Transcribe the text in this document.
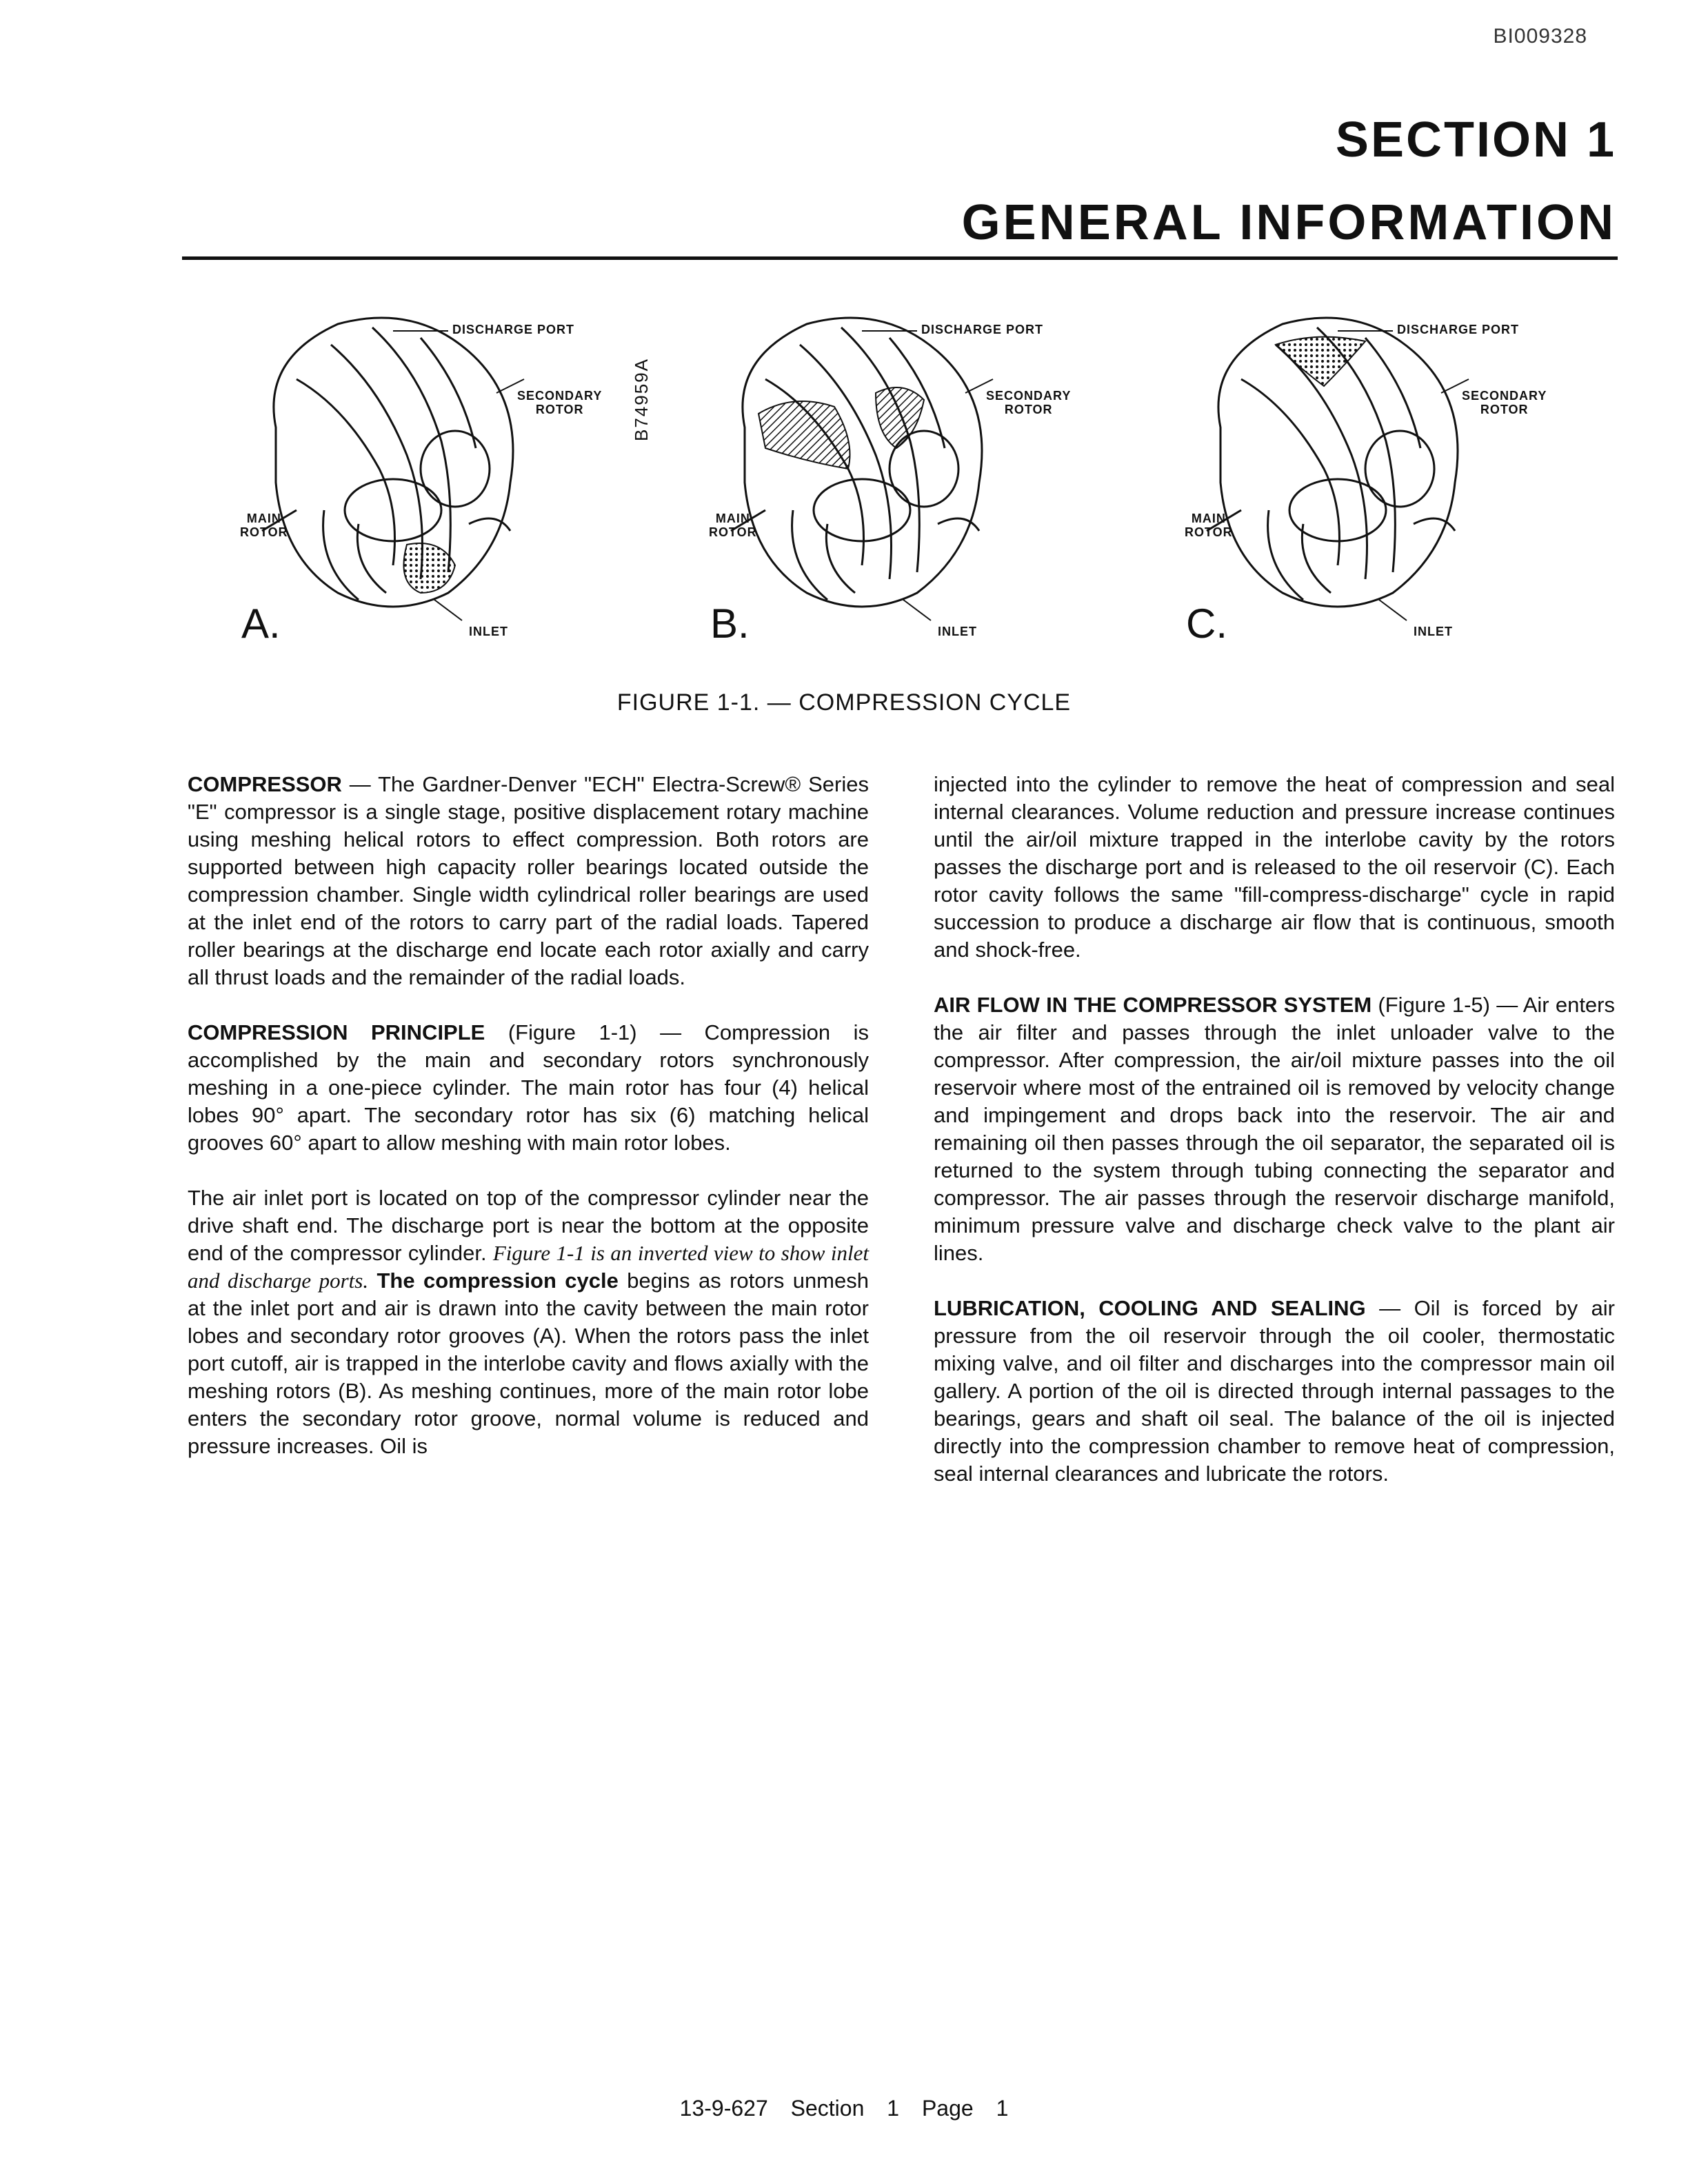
BI009328
SECTION 1
GENERAL INFORMATION
DISCHARGE PORT
SECONDARY
ROTOR
MAIN
ROTOR
INLET
A.
DISCHARGE PORT
SECONDARY
ROTOR
MAIN
ROTOR
INLET
B.
DISCHARGE PORT
SECONDARY
ROTOR
MAIN
ROTOR
INLET
C.
B74959A
FIGURE 1-1. — COMPRESSION CYCLE

COMPRESSOR — The Gardner-Denver "ECH" Electra-Screw® Series "E" compressor is a single stage, positive displacement rotary machine using meshing helical rotors to effect compression. Both rotors are supported between high capacity roller bearings located outside the compression chamber. Single width cylindrical roller bearings are used at the inlet end of the rotors to carry part of the radial loads. Tapered roller bearings at the discharge end locate each rotor axially and carry all thrust loads and the remainder of the radial loads.

COMPRESSION PRINCIPLE (Figure 1-1) — Compression is accomplished by the main and secondary rotors synchronously meshing in a one-piece cylinder. The main rotor has four (4) helical lobes 90° apart. The secondary rotor has six (6) matching helical grooves 60° apart to allow meshing with main rotor lobes.

The air inlet port is located on top of the compressor cylinder near the drive shaft end. The discharge port is near the bottom at the opposite end of the compressor cylinder. Figure 1-1 is an inverted view to show inlet and discharge ports. The compression cycle begins as rotors unmesh at the inlet port and air is drawn into the cavity between the main rotor lobes and secondary rotor grooves (A). When the rotors pass the inlet port cutoff, air is trapped in the interlobe cavity and flows axially with the meshing rotors (B). As meshing continues, more of the main rotor lobe enters the secondary rotor groove, normal volume is reduced and pressure increases. Oil is

injected into the cylinder to remove the heat of compression and seal internal clearances. Volume reduction and pressure increase continues until the air/oil mixture trapped in the interlobe cavity by the rotors passes the discharge port and is released to the oil reservoir (C). Each rotor cavity follows the same "fill-compress-discharge" cycle in rapid succession to produce a discharge air flow that is continuous, smooth and shock-free.

AIR FLOW IN THE COMPRESSOR SYSTEM (Figure 1-5) — Air enters the air filter and passes through the inlet unloader valve to the compressor. After compression, the air/oil mixture passes into the oil reservoir where most of the entrained oil is removed by velocity change and impingement and drops back into the reservoir. The air and remaining oil then passes through the oil separator, the separated oil is returned to the system through tubing connecting the separator and compressor. The air passes through the reservoir discharge manifold, minimum pressure valve and discharge check valve to the plant air lines.

LUBRICATION, COOLING AND SEALING — Oil is forced by air pressure from the oil reservoir through the oil cooler, thermostatic mixing valve, and oil filter and discharges into the compressor main oil gallery. A portion of the oil is directed through internal passages to the bearings, gears and shaft oil seal. The balance of the oil is injected directly into the compression chamber to remove heat of compression, seal internal clearances and lubricate the rotors.

13-9-627 Section 1 Page 1
